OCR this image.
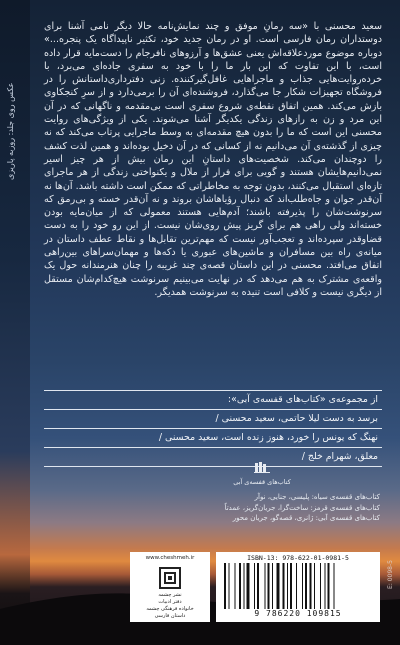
عکس روی جلد: روزبه پاریزی

سعید محسنی با «سه رمانِ موفق و چند نمایش‌نامه حالا دیگر نامی آشنا برای دوستداران رمان فارسی است. او در رمان جدید خود، تکثیر ناپیدا‌گاه یک پنجره‌...» دوباره موضوع موردعلاقه‌اش یعنی عشق‌ها و آرزوهای نافرجام را دست‌مایه قرار داده است، با این تفاوت که این بار ما را با خود به سفری جاده‌ای می‌برد، با خرده‌روایت‌هایی جذاب و ماجراهایی غافل‌گیرکننده. زنی دفترداری‌داستانش را در فروشگاه تجهیزات شکار جا می‌گذارد، فروشنده‌ای آن را برمی‌دارد و از سرِ کنجکاوی بازش می‌کند. همین اتفاق نقطه‌ی شروع سفری است بی‌مقدمه و ناگهانی که در آن این مرد و زن به رازهای زندگی یکدیگر آشنا می‌شوند. یکی از ویژگی‌های روایت محسنی این است که ما را بدون هیچ مقدمه‌ای به وسط ماجرایی پرتاب می‌کند که نه چیزی از گذشته‌ی آن می‌دانیم نه از کسانی که در آن دخیل بوده‌اند و همین لذت کشف را دوچندان می‌کند. شخصیت‌های داستانِ این رمان بیش از هر چیز اسیر نمی‌دانیم‌هایشان هستند و گویی برای فرار از ملال و یکنواختی زندگی از هر ماجرای تازه‌ای استقبال می‌کنند، بدون توجه به مخاطراتی که ممکن است داشته باشد. آن‌ها نه آن‌قدر جوان و جاه‌طلب‌اند که دنبال رؤیاهاشان بروند و نه آن‌قدر خسته و بی‌رمق که سرنوشت‌شان را پذیرفته باشند؛ آدم‌هایی هستند معمولی که از میان‌مایه بودن خسته‌اند ولی راهی هم برای گریز پیش روی‌شان نیست. از این رو خود را به دست قضاوقدر سپرده‌اند و تعجب‌آور نیست که مهم‌ترین تقابل‌ها و نقاط عطف داستان در میانه‌ی راه بین مسافران و ماشین‌های عبوری یا دکه‌ها و مهمان‌سراهای بین‌راهی اتفاق می‌افتد. محسنی در این داستان قصه‌ی چند غریبه را چنان هنرمندانه حول یک واقعه‌ی مشترک به هم می‌دهد که در نهایت می‌بینیم سرنوشت هیچ‌کدام‌شان مستقل از دیگری نیست و کلافی است تنیده به سرنوشت همدیگر.

از مجموعه‌ی «کتاب‌های قفسه‌ی آبی»:
برسد به دست لیلا حاتمی، سعید محسنی /
نهنگ که یونس را خورد، هنوز زنده است، سعید محسنی /
معلق، شهرام خلج /
کتاب‌های قفسه‌ی آبی
کتاب‌های قفسه‌ی سیاه: پلیسی، جنایی، نوآر
کتاب‌های قفسه‌ی قرمز: ساخت‌گرا، جریان‌گریز، عمدتاً
کتاب‌های قفسه‌ی آبی: ژانری، قصه‌گو، جریان محور
www.cheshmeh.ir
نشر چشمه
دفتر ادبیات
خانواده فرهنگی چشمه
داستان فارسی
ISBN-13: 978-622-01-0981-5
9 786220 109815
E: 0098-5
